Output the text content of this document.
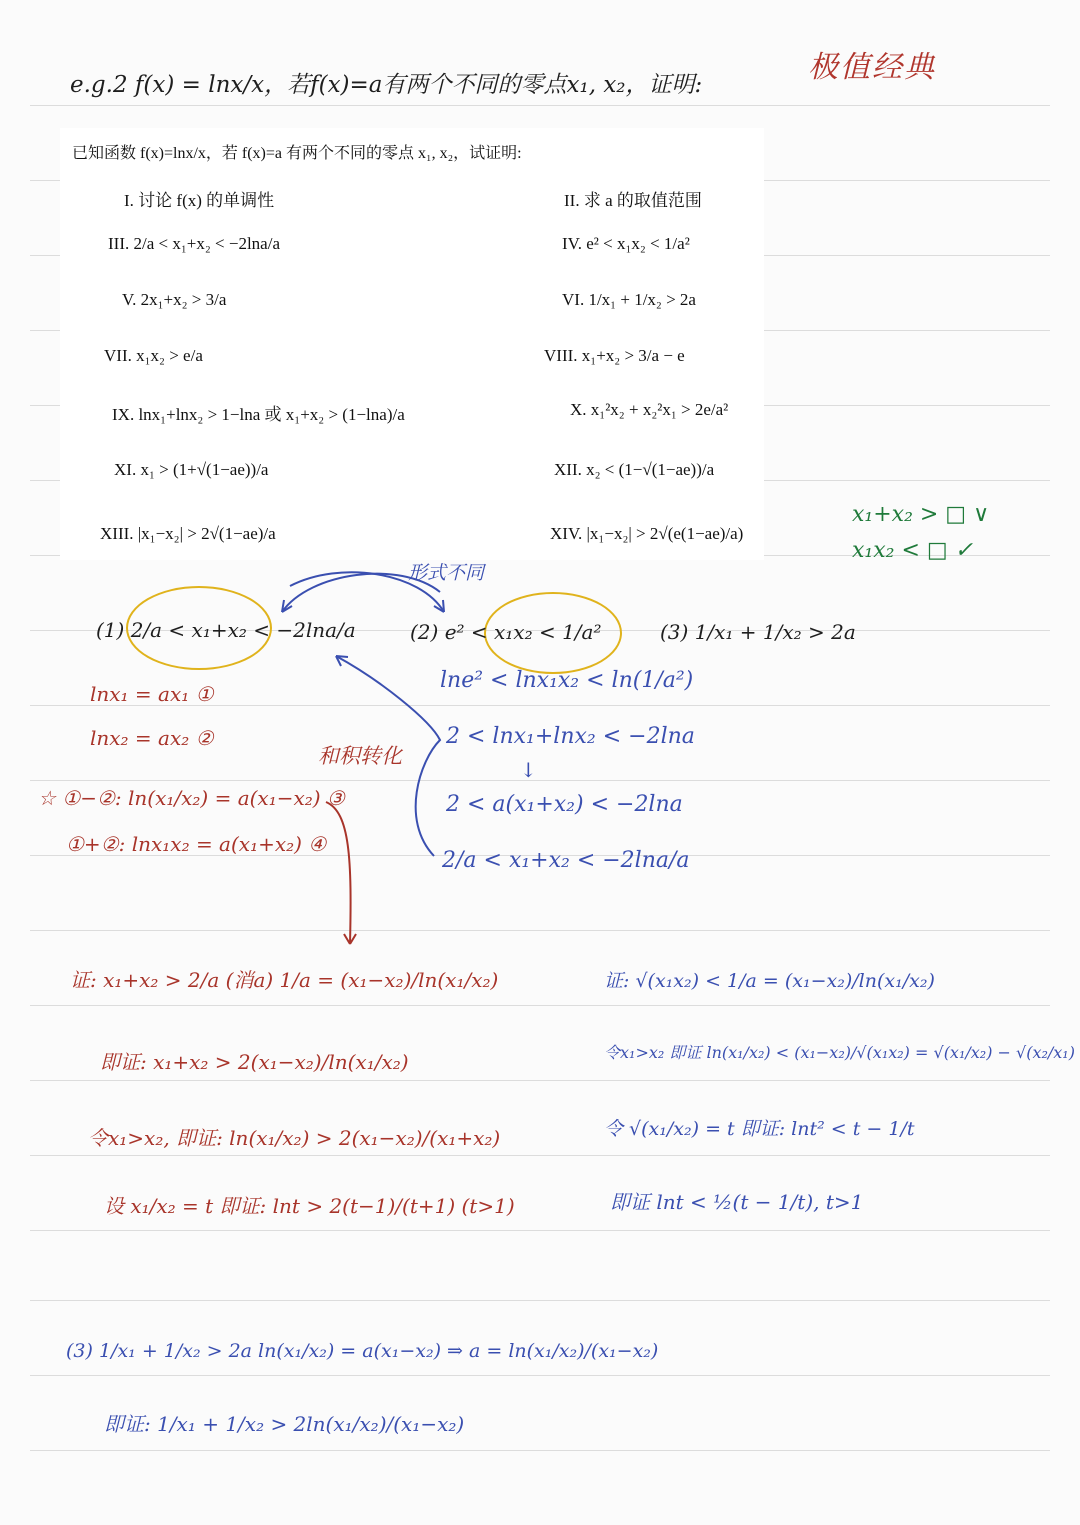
e.g.2 f(x) = lnx/x，若f(x)=a有两个不同的零点x₁, x₂，证明:	极值经典
已知函数 f(x)=lnx/x，若 f(x)=a 有两个不同的零点 x₁, x₂，试证明:
I. 讨论 f(x) 的单调性	II. 求 a 的取值范围
III. 2/a < x₁+x₂ < −2lna/a	IV. e² < x₁x₂ < 1/a²
V. 2x₁+x₂ > 3/a	VI. 1/x₁ + 1/x₂ > 2a
VII. x₁x₂ > e/a	VIII. x₁+x₂ > 3/a − e
IX. lnx₁+lnx₂ > 1−lna 或 x₁+x₂ > (1−lna)/a	X. x₁²x₂ + x₂²x₁ > 2e/a²
XI. x₁ > (1+√(1−ae))/a	XII. x₂ < (1−√(1−ae))/a
XIII. |x₁−x₂| > 2√(1−ae)/a	XIV. |x₁−x₂| > 2√(e(1−ae)/a)
x₁+x₂ > □ ∨
x₁x₂ < □ ✓
形式不同
(1) 2/a < x₁+x₂ < −2lna/a	(2) e² < x₁x₂ < 1/a²	(3) 1/x₁ + 1/x₂ > 2a
lnx₁ = ax₁ ①
lnx₂ = ax₂ ②
和积转化
☆ ①−②: ln(x₁/x₂) = a(x₁−x₂) ③
①+②: lnx₁x₂ = a(x₁+x₂) ④
lne² < lnx₁x₂ < ln(1/a²)
2 < lnx₁+lnx₂ < −2lna
↓
2 < a(x₁+x₂) < −2lna
2/a < x₁+x₂ < −2lna/a
证: x₁+x₂ > 2/a (消a) 1/a = (x₁−x₂)/ln(x₁/x₂)
即证: x₁+x₂ > 2(x₁−x₂)/ln(x₁/x₂)
令x₁>x₂, 即证: ln(x₁/x₂) > 2(x₁−x₂)/(x₁+x₂)
设 x₁/x₂ = t 即证: lnt > 2(t−1)/(t+1) (t>1)
证: √(x₁x₂) < 1/a = (x₁−x₂)/ln(x₁/x₂)
令x₁>x₂ 即证 ln(x₁/x₂) < (x₁−x₂)/√(x₁x₂) = √(x₁/x₂) − √(x₂/x₁)
令 √(x₁/x₂) = t 即证: lnt² < t − 1/t
即证 lnt < ½(t − 1/t), t>1
(3) 1/x₁ + 1/x₂ > 2a ln(x₁/x₂) = a(x₁−x₂) ⇒ a = ln(x₁/x₂)/(x₁−x₂)
即证: 1/x₁ + 1/x₂ > 2ln(x₁/x₂)/(x₁−x₂)
